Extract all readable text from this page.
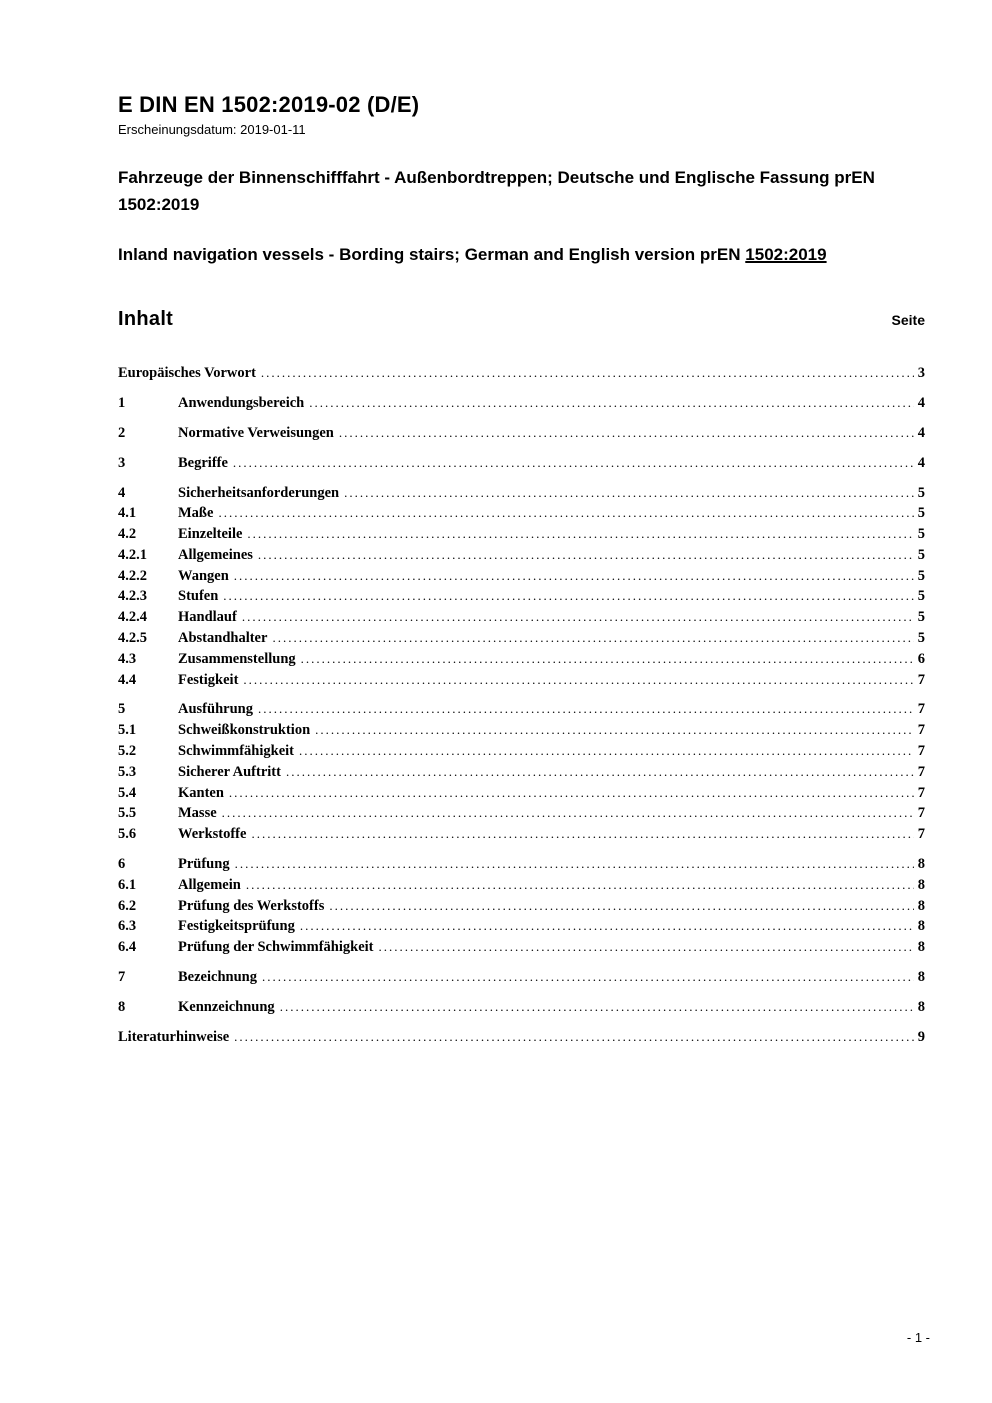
E DIN EN 1502:2019-02 (D/E)
Erscheinungsdatum: 2019-01-11
Fahrzeuge der Binnenschifffahrt - Außenbordtreppen; Deutsche und Englische Fassung prEN 1502:2019
Inland navigation vessels - Bording stairs; German and English version prEN 1502:2019
Inhalt	Seite
Europäisches Vorwort .....	3
1	Anwendungsbereich .....	4
2	Normative Verweisungen .....	4
3	Begriffe .....	4
4	Sicherheitsanforderungen .....	5
4.1	Maße .....	5
4.2	Einzelteile .....	5
4.2.1	Allgemeines .....	5
4.2.2	Wangen .....	5
4.2.3	Stufen .....	5
4.2.4	Handlauf .....	5
4.2.5	Abstandhalter .....	5
4.3	Zusammenstellung .....	6
4.4	Festigkeit .....	7
5	Ausführung .....	7
5.1	Schweißkonstruktion .....	7
5.2	Schwimmfähigkeit .....	7
5.3	Sicherer Auftritt .....	7
5.4	Kanten .....	7
5.5	Masse .....	7
5.6	Werkstoffe .....	7
6	Prüfung .....	8
6.1	Allgemein .....	8
6.2	Prüfung des Werkstoffs .....	8
6.3	Festigkeitsprüfung .....	8
6.4	Prüfung der Schwimmfähigkeit .....	8
7	Bezeichnung .....	8
8	Kennzeichnung .....	8
Literaturhinweise .....	9
- 1 -
